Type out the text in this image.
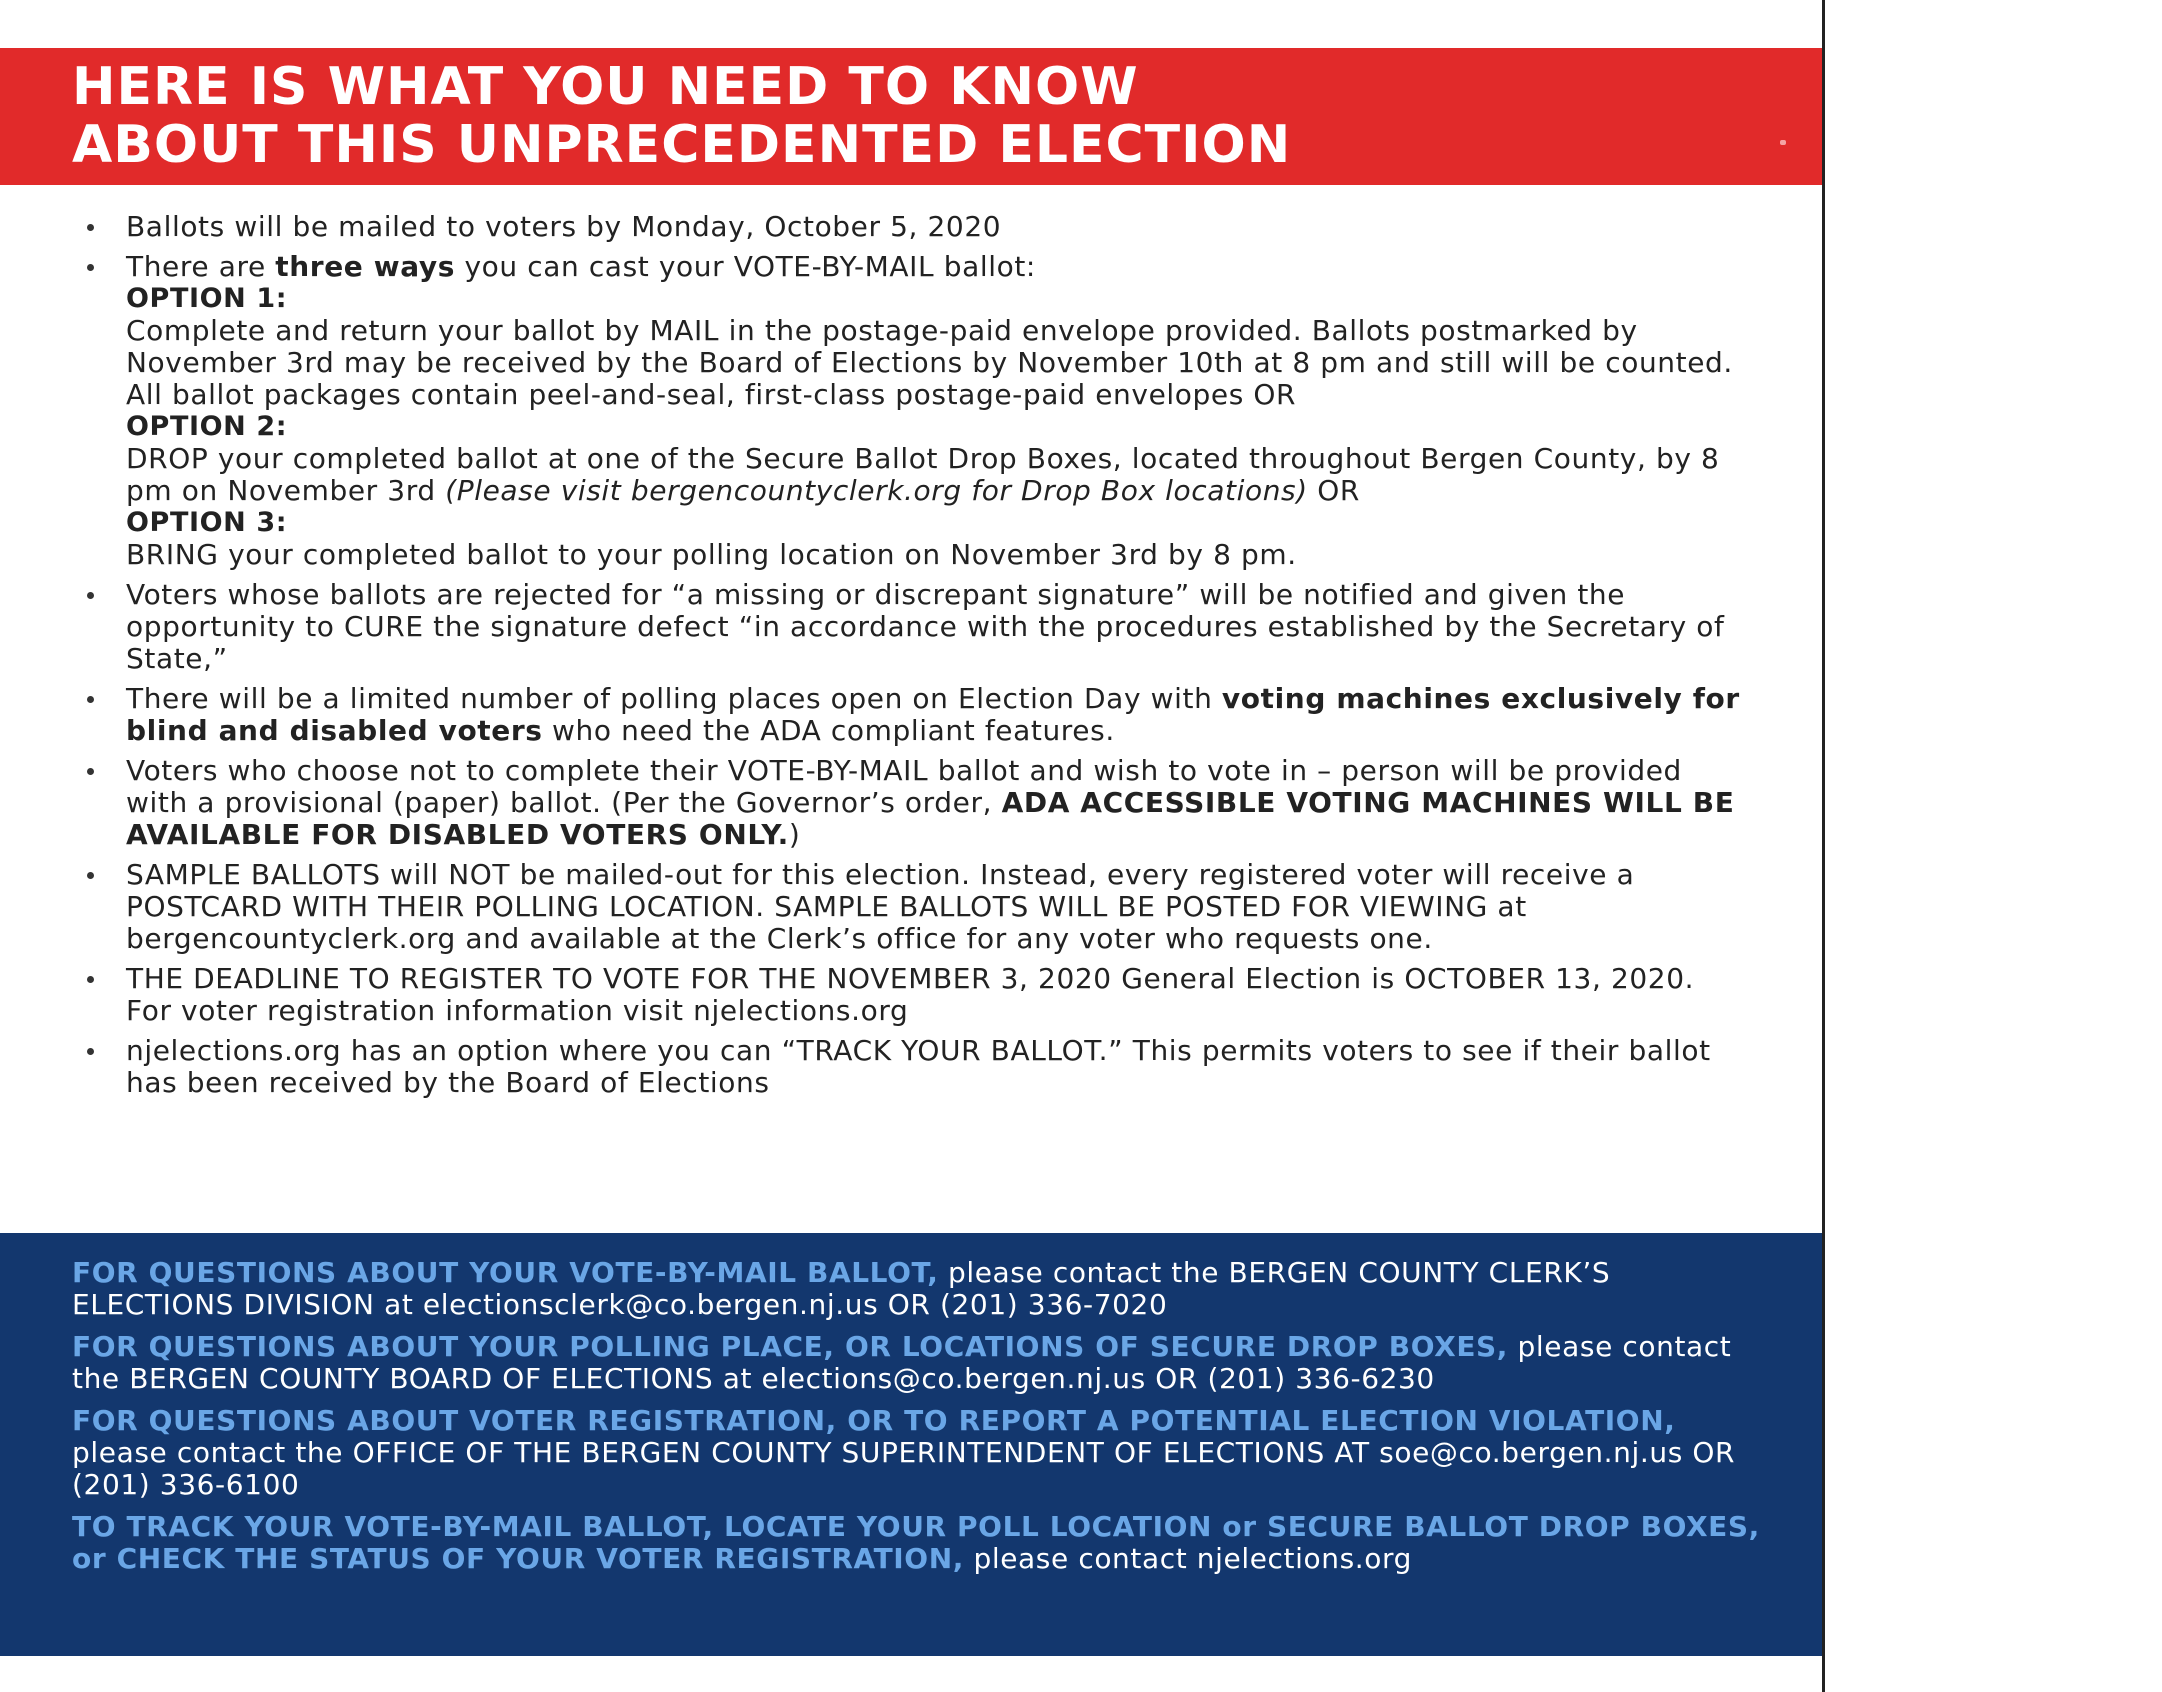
HERE IS WHAT YOU NEED TO KNOW
ABOUT THIS UNPRECEDENTED ELECTION

Ballots will be mailed to voters by Monday, October 5, 2020

There are three ways you can cast your VOTE-BY-MAIL ballot:

OPTION 1:

Complete and return your ballot by MAIL in the postage-paid envelope provided. Ballots postmarked by November 3rd may be received by the Board of Elections by November 10th at 8 pm and still will be counted. All ballot packages contain peel-and-seal, first-class postage-paid envelopes OR

OPTION 2:

DROP your completed ballot at one of the Secure Ballot Drop Boxes, located throughout Bergen County, by 8 pm on November 3rd (Please visit bergencountyclerk.org for Drop Box locations) OR

OPTION 3:

BRING your completed ballot to your polling location on November 3rd by 8 pm.

Voters whose ballots are rejected for “a missing or discrepant signature” will be notified and given the opportunity to CURE the signature defect “in accordance with the procedures established by the Secretary of State,”

There will be a limited number of polling places open on Election Day with voting machines exclusively for blind and disabled voters who need the ADA compliant features.

Voters who choose not to complete their VOTE-BY-MAIL ballot and wish to vote in – person will be provided with a provisional (paper) ballot. (Per the Governor’s order, ADA ACCESSIBLE VOTING MACHINES WILL BE AVAILABLE FOR DISABLED VOTERS ONLY.)

SAMPLE BALLOTS will NOT be mailed-out for this election. Instead, every registered voter will receive a POSTCARD WITH THEIR POLLING LOCATION. SAMPLE BALLOTS WILL BE POSTED FOR VIEWING at bergencountyclerk.org and available at the Clerk’s office for any voter who requests one.

THE DEADLINE TO REGISTER TO VOTE FOR THE NOVEMBER 3, 2020 General Election is OCTOBER 13, 2020. For voter registration information visit njelections.org

njelections.org has an option where you can “TRACK YOUR BALLOT.” This permits voters to see if their ballot has been received by the Board of Elections

FOR QUESTIONS ABOUT YOUR VOTE-BY-MAIL BALLOT, please contact the BERGEN COUNTY CLERK’S ELECTIONS DIVISION at electionsclerk@co.bergen.nj.us OR (201) 336-7020

FOR QUESTIONS ABOUT YOUR POLLING PLACE, OR LOCATIONS OF SECURE DROP BOXES, please contact the BERGEN COUNTY BOARD OF ELECTIONS at elections@co.bergen.nj.us OR (201) 336-6230

FOR QUESTIONS ABOUT VOTER REGISTRATION, OR TO REPORT A POTENTIAL ELECTION VIOLATION, please contact the OFFICE OF THE BERGEN COUNTY SUPERINTENDENT OF ELECTIONS AT soe@co.bergen.nj.us OR (201) 336-6100

TO TRACK YOUR VOTE-BY-MAIL BALLOT, LOCATE YOUR POLL LOCATION or SECURE BALLOT DROP BOXES, or CHECK THE STATUS OF YOUR VOTER REGISTRATION, please contact njelections.org
